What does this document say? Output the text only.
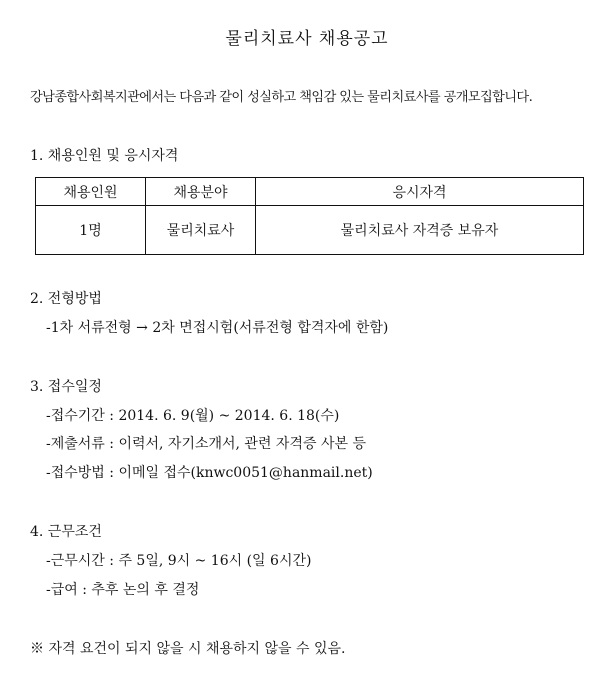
물리치료사 채용공고
강남종합사회복지관에서는 다음과 같이 성실하고 책임감 있는 물리치료사를 공개모집합니다.
1. 채용인원 및 응시자격
채용인원	채용분야	응시자격
1명	물리치료사	물리치료사 자격증 보유자
2. 전형방법
-1차 서류전형 → 2차 면접시험(서류전형 합격자에 한함)
3. 접수일정
-접수기간 : 2014. 6. 9(월) ~ 2014. 6. 18(수)
-제출서류 : 이력서, 자기소개서, 관련 자격증 사본 등
-접수방법 : 이메일 접수(knwc0051@hanmail.net)
4. 근무조건
-근무시간 : 주 5일, 9시 ~ 16시 (일 6시간)
-급여 : 추후 논의 후 결정
※ 자격 요건이 되지 않을 시 채용하지 않을 수 있음.
